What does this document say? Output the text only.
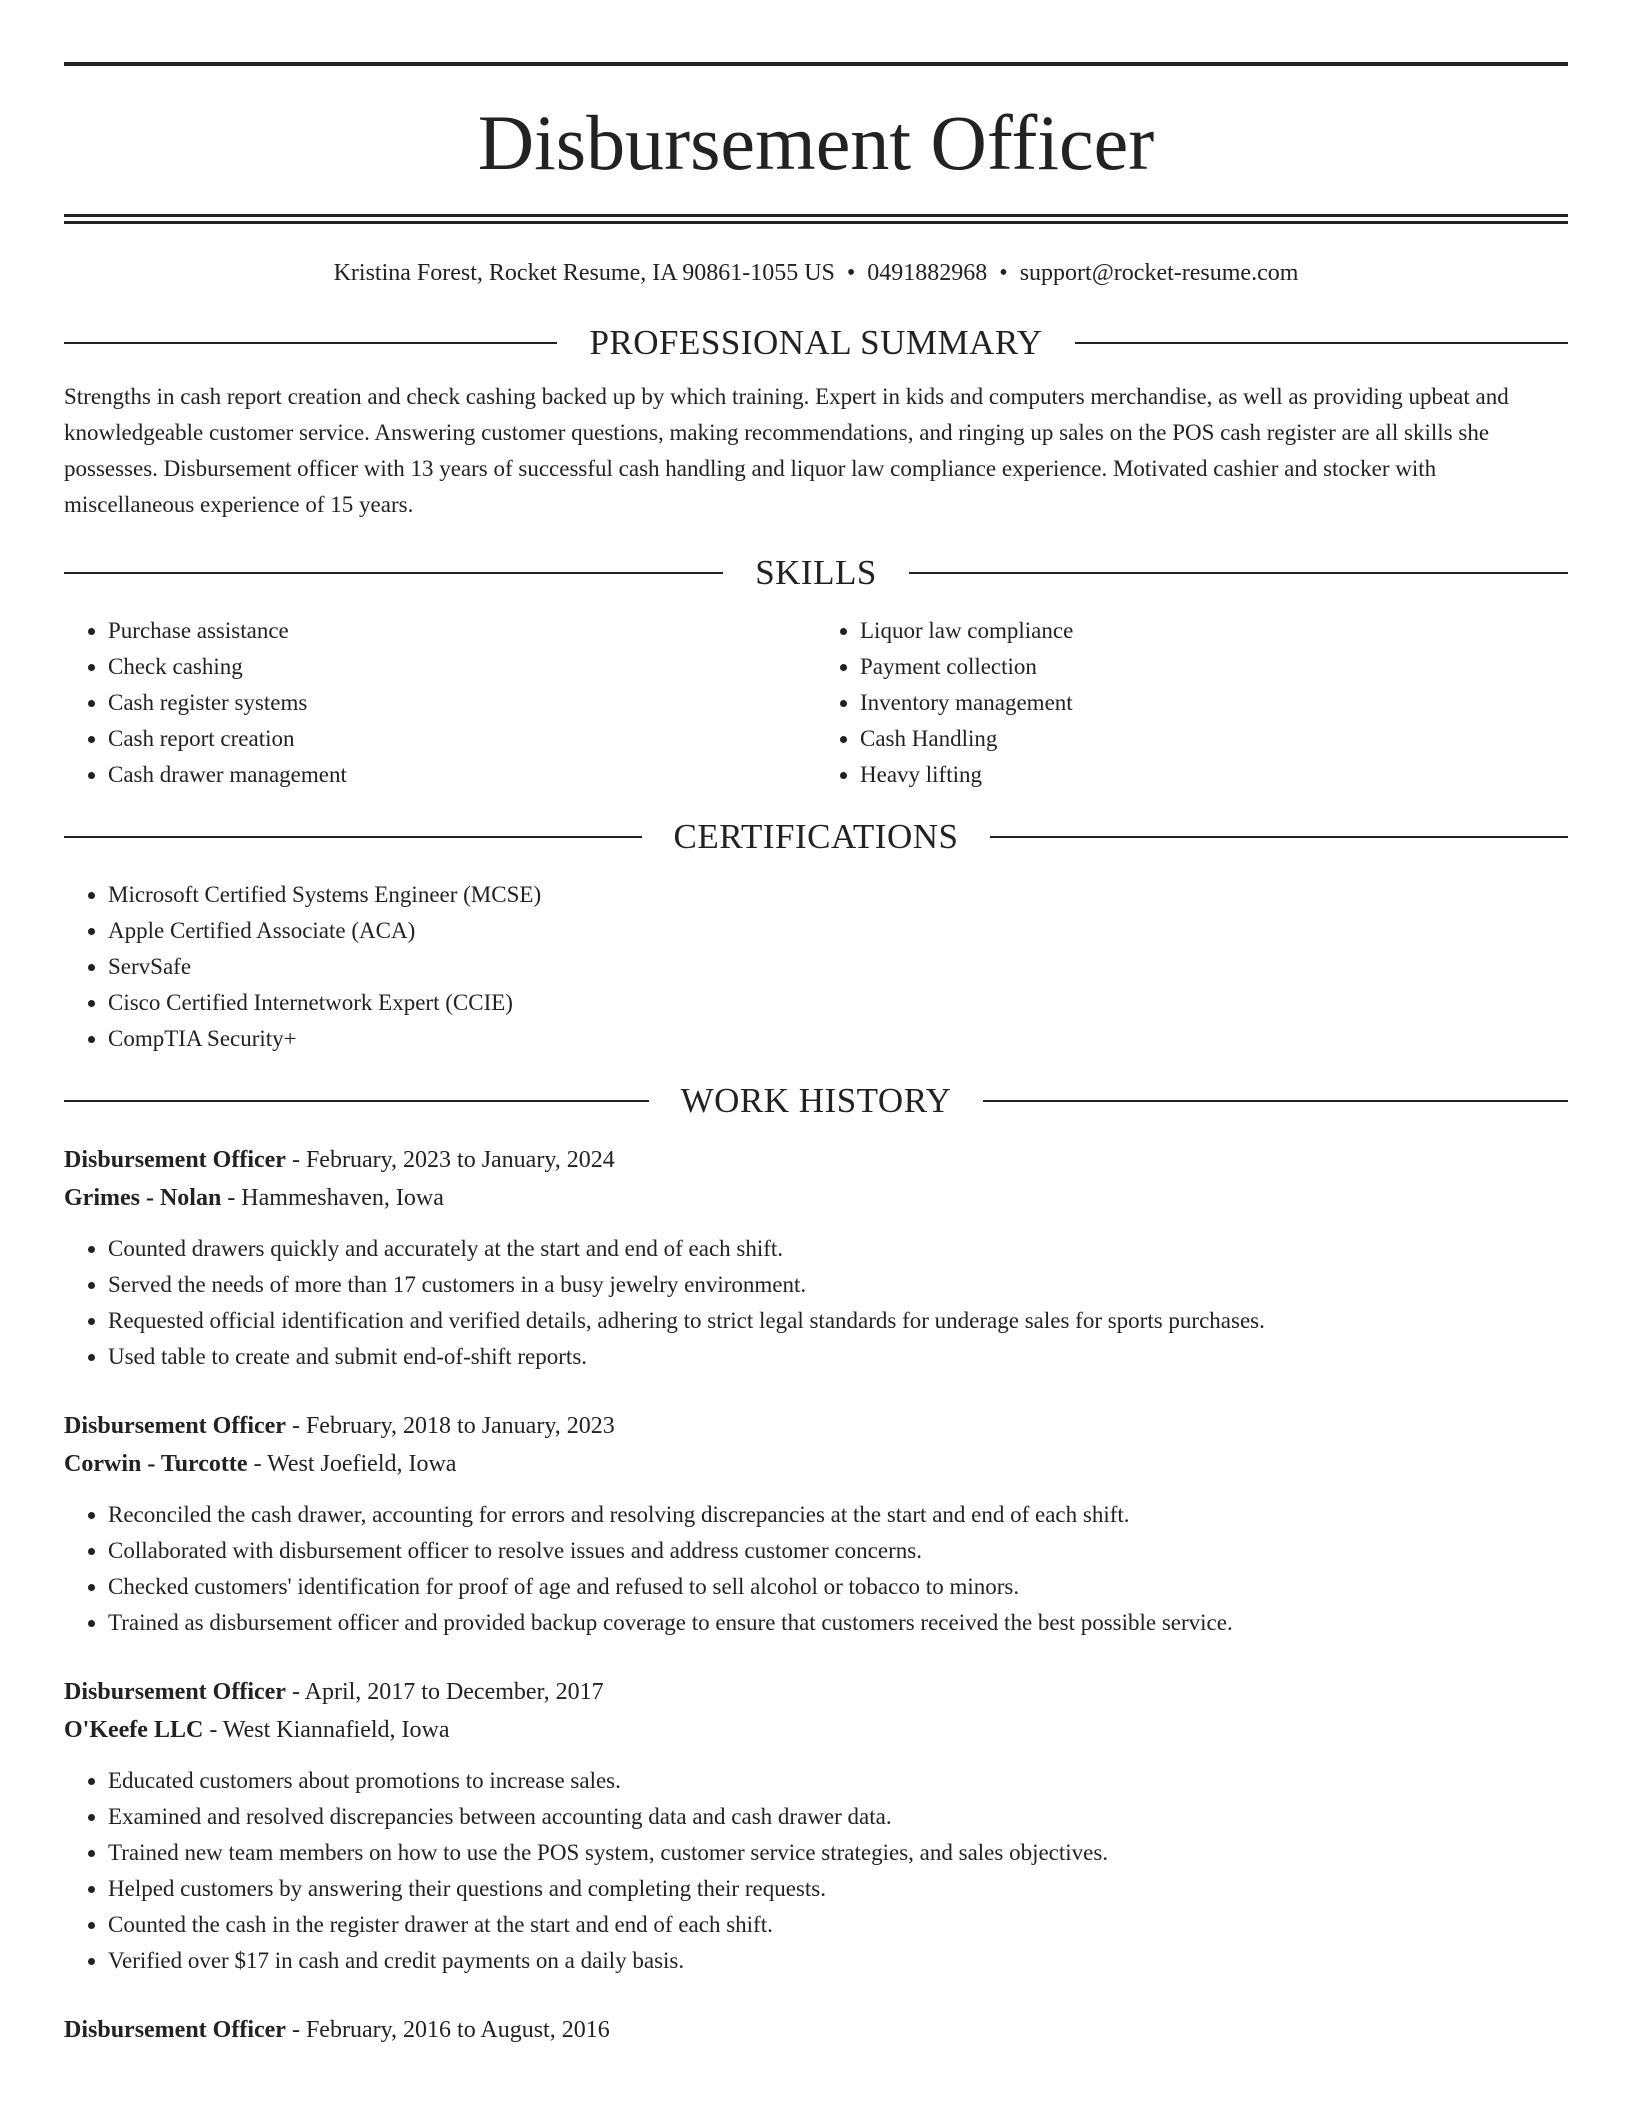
Disbursement Officer
Kristina Forest, Rocket Resume, IA 90861-1055 US • 0491882968 • support@rocket-resume.com
PROFESSIONAL SUMMARY
Strengths in cash report creation and check cashing backed up by which training. Expert in kids and computers merchandise, as well as providing upbeat and knowledgeable customer service. Answering customer questions, making recommendations, and ringing up sales on the POS cash register are all skills she possesses. Disbursement officer with 13 years of successful cash handling and liquor law compliance experience. Motivated cashier and stocker with miscellaneous experience of 15 years.
SKILLS
• Purchase assistance
• Check cashing
• Cash register systems
• Cash report creation
• Cash drawer management
• Liquor law compliance
• Payment collection
• Inventory management
• Cash Handling
• Heavy lifting
CERTIFICATIONS
• Microsoft Certified Systems Engineer (MCSE)
• Apple Certified Associate (ACA)
• ServSafe
• Cisco Certified Internetwork Expert (CCIE)
• CompTIA Security+
WORK HISTORY
Disbursement Officer - February, 2023 to January, 2024
Grimes - Nolan - Hammeshaven, Iowa
• Counted drawers quickly and accurately at the start and end of each shift.
• Served the needs of more than 17 customers in a busy jewelry environment.
• Requested official identification and verified details, adhering to strict legal standards for underage sales for sports purchases.
• Used table to create and submit end-of-shift reports.
Disbursement Officer - February, 2018 to January, 2023
Corwin - Turcotte - West Joefield, Iowa
• Reconciled the cash drawer, accounting for errors and resolving discrepancies at the start and end of each shift.
• Collaborated with disbursement officer to resolve issues and address customer concerns.
• Checked customers' identification for proof of age and refused to sell alcohol or tobacco to minors.
• Trained as disbursement officer and provided backup coverage to ensure that customers received the best possible service.
Disbursement Officer - April, 2017 to December, 2017
O'Keefe LLC - West Kiannafield, Iowa
• Educated customers about promotions to increase sales.
• Examined and resolved discrepancies between accounting data and cash drawer data.
• Trained new team members on how to use the POS system, customer service strategies, and sales objectives.
• Helped customers by answering their questions and completing their requests.
• Counted the cash in the register drawer at the start and end of each shift.
• Verified over $17 in cash and credit payments on a daily basis.
Disbursement Officer - February, 2016 to August, 2016
